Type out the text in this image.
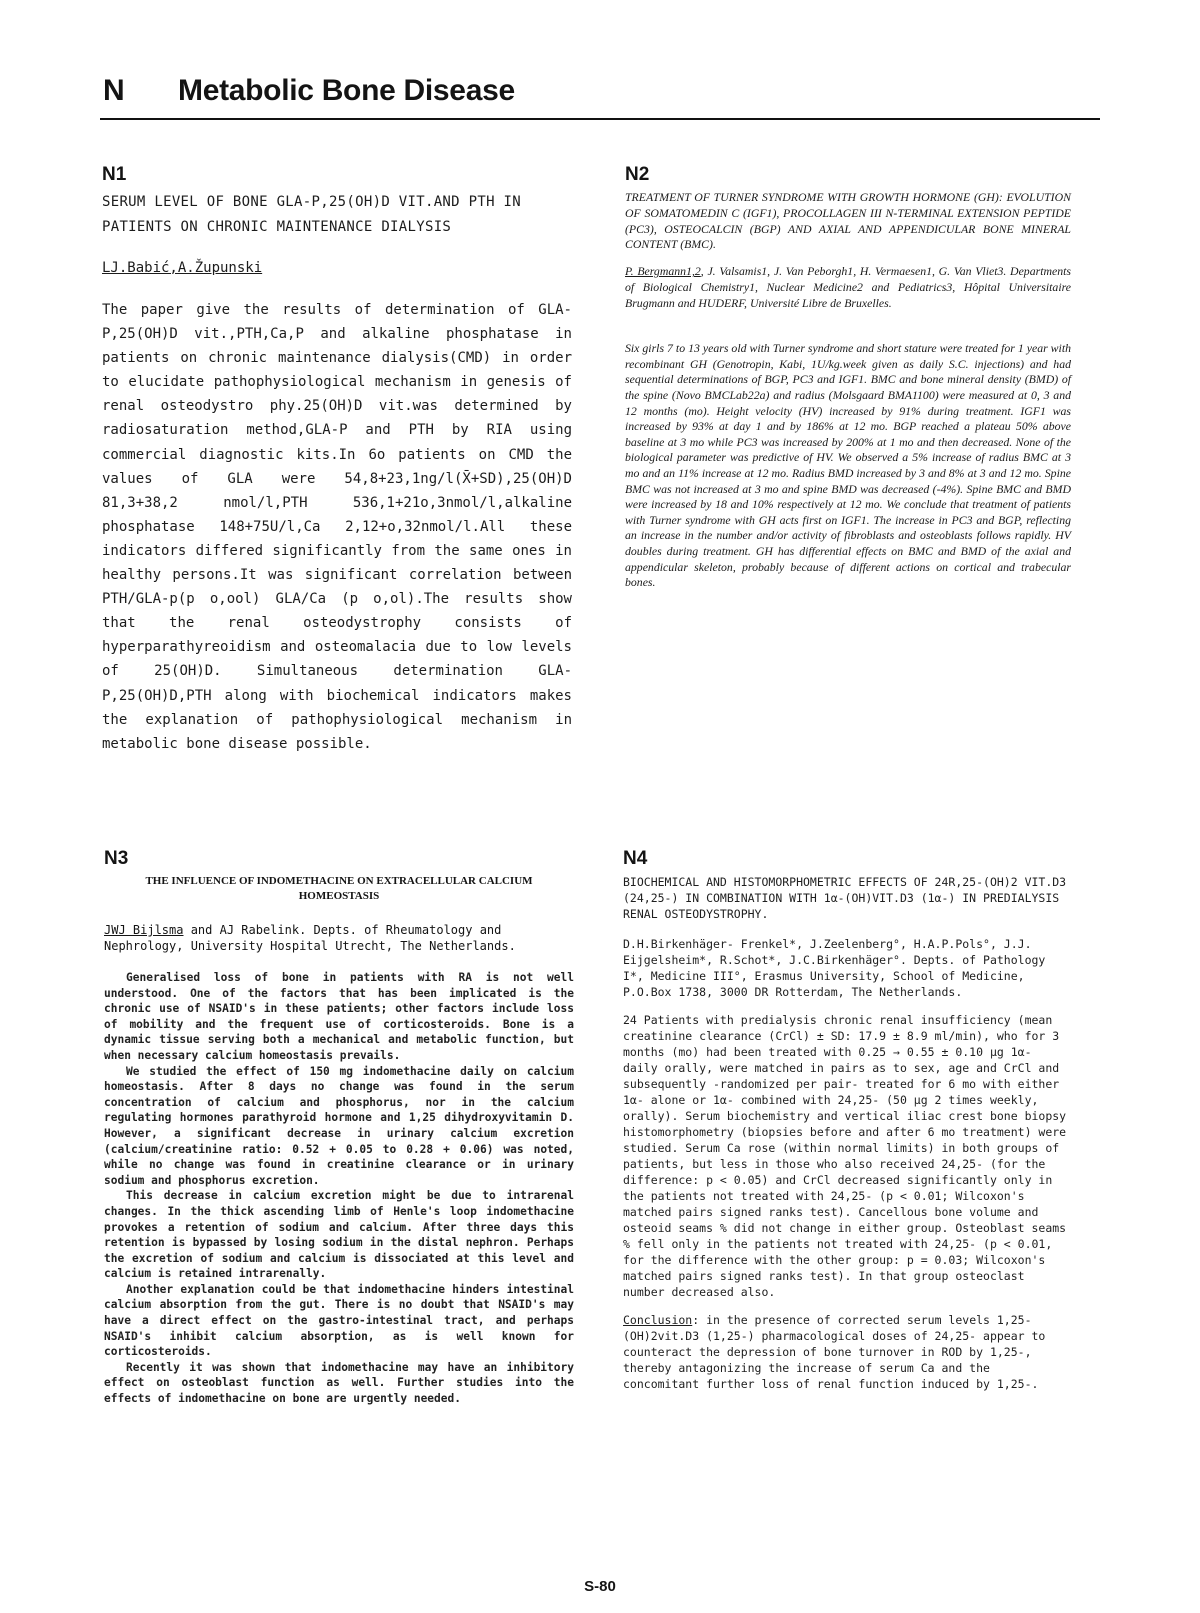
N Metabolic Bone Disease
N1
SERUM LEVEL OF BONE GLA-P,25(OH)D VIT.AND PTH IN PATIENTS ON CHRONIC MAINTENANCE DIALYSIS
LJ.Babić,A.Župunski
The paper give the results of determination of GLA-P,25(OH)D vit.,PTH,Ca,P and alkaline phosphatase in patients on chronic maintenance dialysis(CMD) in order to elucidate pathophysiological mechanism in genesis of renal osteodystro phy.25(OH)D vit.was determined by radiosaturation method,GLA-P and PTH by RIA using commercial diagnostic kits.In 6o patients on CMD the values of GLA were 54,8+23,1ng/l(X̄+SD),25(OH)D 81,3+38,2 nmol/l,PTH 536,1+21o,3nmol/l,alkaline phosphatase 148+75U/l,Ca 2,12+o,32nmol/l.All these indicators differed significantly from the same ones in healthy persons.It was significant correlation between PTH/GLA-p(p o,ool) GLA/Ca (p o,ol).The results show that the renal osteodystrophy consists of hyperparathyreoidism and osteomalacia due to low levels of 25(OH)D. Simultaneous determination GLA-P,25(OH)D,PTH along with biochemical indicators makes the explanation of pathophysiological mechanism in metabolic bone disease possible.
N2
TREATMENT OF TURNER SYNDROME WITH GROWTH HORMONE (GH): EVOLUTION OF SOMATOMEDIN C (IGF1), PROCOLLAGEN III N-TERMINAL EXTENSION PEPTIDE (PC3), OSTEOCALCIN (BGP) AND AXIAL AND APPENDICULAR BONE MINERAL CONTENT (BMC).
P. Bergmann1,2, J. Valsamis1, J. Van Peborgh1, H. Vermaesen1, G. Van Vliet3. Departments of Biological Chemistry1, Nuclear Medicine2 and Pediatrics3, Hôpital Universitaire Brugmann and HUDERF, Université Libre de Bruxelles.
Six girls 7 to 13 years old with Turner syndrome and short stature were treated for 1 year with recombinant GH (Genotropin, Kabi, 1U/kg.week given as daily S.C. injections) and had sequential determinations of BGP, PC3 and IGF1. BMC and bone mineral density (BMD) of the spine (Novo BMCLab22a) and radius (Molsgaard BMA1100) were measured at 0, 3 and 12 months (mo). Height velocity (HV) increased by 91% during treatment. IGF1 was increased by 93% at day 1 and by 186% at 12 mo. BGP reached a plateau 50% above baseline at 3 mo while PC3 was increased by 200% at 1 mo and then decreased. None of the biological parameter was predictive of HV. We observed a 5% increase of radius BMC at 3 mo and an 11% increase at 12 mo. Radius BMD increased by 3 and 8% at 3 and 12 mo. Spine BMC was not increased at 3 mo and spine BMD was decreased (-4%). Spine BMC and BMD were increased by 18 and 10% respectively at 12 mo. We conclude that treatment of patients with Turner syndrome with GH acts first on IGF1. The increase in PC3 and BGP, reflecting an increase in the number and/or activity of fibroblasts and osteoblasts follows rapidly. HV doubles during treatment. GH has differential effects on BMC and BMD of the axial and appendicular skeleton, probably because of different actions on cortical and trabecular bones.
N3
THE INFLUENCE OF INDOMETHACINE ON EXTRACELLULAR CALCIUM HOMEOSTASIS
JWJ Bijlsma and AJ Rabelink. Depts. of Rheumatology and Nephrology, University Hospital Utrecht, The Netherlands.

Generalised loss of bone in patients with RA is not well understood. One of the factors that has been implicated is the chronic use of NSAID's in these patients; other factors include loss of mobility and the frequent use of corticosteroids. Bone is a dynamic tissue serving both a mechanical and metabolic function, but when necessary calcium homeostasis prevails.

We studied the effect of 150 mg indomethacine daily on calcium homeostasis. After 8 days no change was found in the serum concentration of calcium and phosphorus, nor in the calcium regulating hormones parathyroid hormone and 1,25 dihydroxyvitamin D. However, a significant decrease in urinary calcium excretion (calcium/creatinine ratio: 0.52 + 0.05 to 0.28 + 0.06) was noted, while no change was found in creatinine clearance or in urinary sodium and phosphorus excretion.

This decrease in calcium excretion might be due to intrarenal changes. In the thick ascending limb of Henle's loop indomethacine provokes a retention of sodium and calcium. After three days this retention is bypassed by losing sodium in the distal nephron. Perhaps the excretion of sodium and calcium is dissociated at this level and calcium is retained intrarenally.

Another explanation could be that indomethacine hinders intestinal calcium absorption from the gut. There is no doubt that NSAID's may have a direct effect on the gastro-intestinal tract, and perhaps NSAID's inhibit calcium absorption, as is well known for corticosteroids.

Recently it was shown that indomethacine may have an inhibitory effect on osteoblast function as well. Further studies into the effects of indomethacine on bone are urgently needed.

N4
BIOCHEMICAL AND HISTOMORPHOMETRIC EFFECTS OF 24R,25-(OH)2 VIT.D3 (24,25-) IN COMBINATION WITH 1α-(OH)VIT.D3 (1α-) IN PREDIALYSIS RENAL OSTEODYSTROPHY.
D.H.Birkenhäger- Frenkel*, J.Zeelenberg°, H.A.P.Pols°, J.J. Eijgelsheim*, R.Schot*, J.C.Birkenhäger°. Depts. of Pathology I*, Medicine III°, Erasmus University, School of Medicine, P.O.Box 1738, 3000 DR Rotterdam, The Netherlands.
24 Patients with predialysis chronic renal insufficiency (mean creatinine clearance (CrCl) ± SD: 17.9 ± 8.9 ml/min), who for 3 months (mo) had been treated with 0.25 → 0.55 ± 0.10 µg 1α- daily orally, were matched in pairs as to sex, age and CrCl and subsequently -randomized per pair- treated for 6 mo with either 1α- alone or 1α- combined with 24,25- (50 µg 2 times weekly, orally). Serum biochemistry and vertical iliac crest bone biopsy histomorphometry (biopsies before and after 6 mo treatment) were studied. Serum Ca rose (within normal limits) in both groups of patients, but less in those who also received 24,25- (for the difference: p < 0.05) and CrCl decreased significantly only in the patients not treated with 24,25- (p < 0.01; Wilcoxon's matched pairs signed ranks test). Cancellous bone volume and osteoid seams % did not change in either group. Osteoblast seams % fell only in the patients not treated with 24,25- (p < 0.01, for the difference with the other group: p = 0.03; Wilcoxon's matched pairs signed ranks test). In that group osteoclast number decreased also.
Conclusion: in the presence of corrected serum levels 1,25-(OH)2vit.D3 (1,25-) pharmacological doses of 24,25- appear to counteract the depression of bone turnover in ROD by 1,25-, thereby antagonizing the increase of serum Ca and the concomitant further loss of renal function induced by 1,25-.
S-80
